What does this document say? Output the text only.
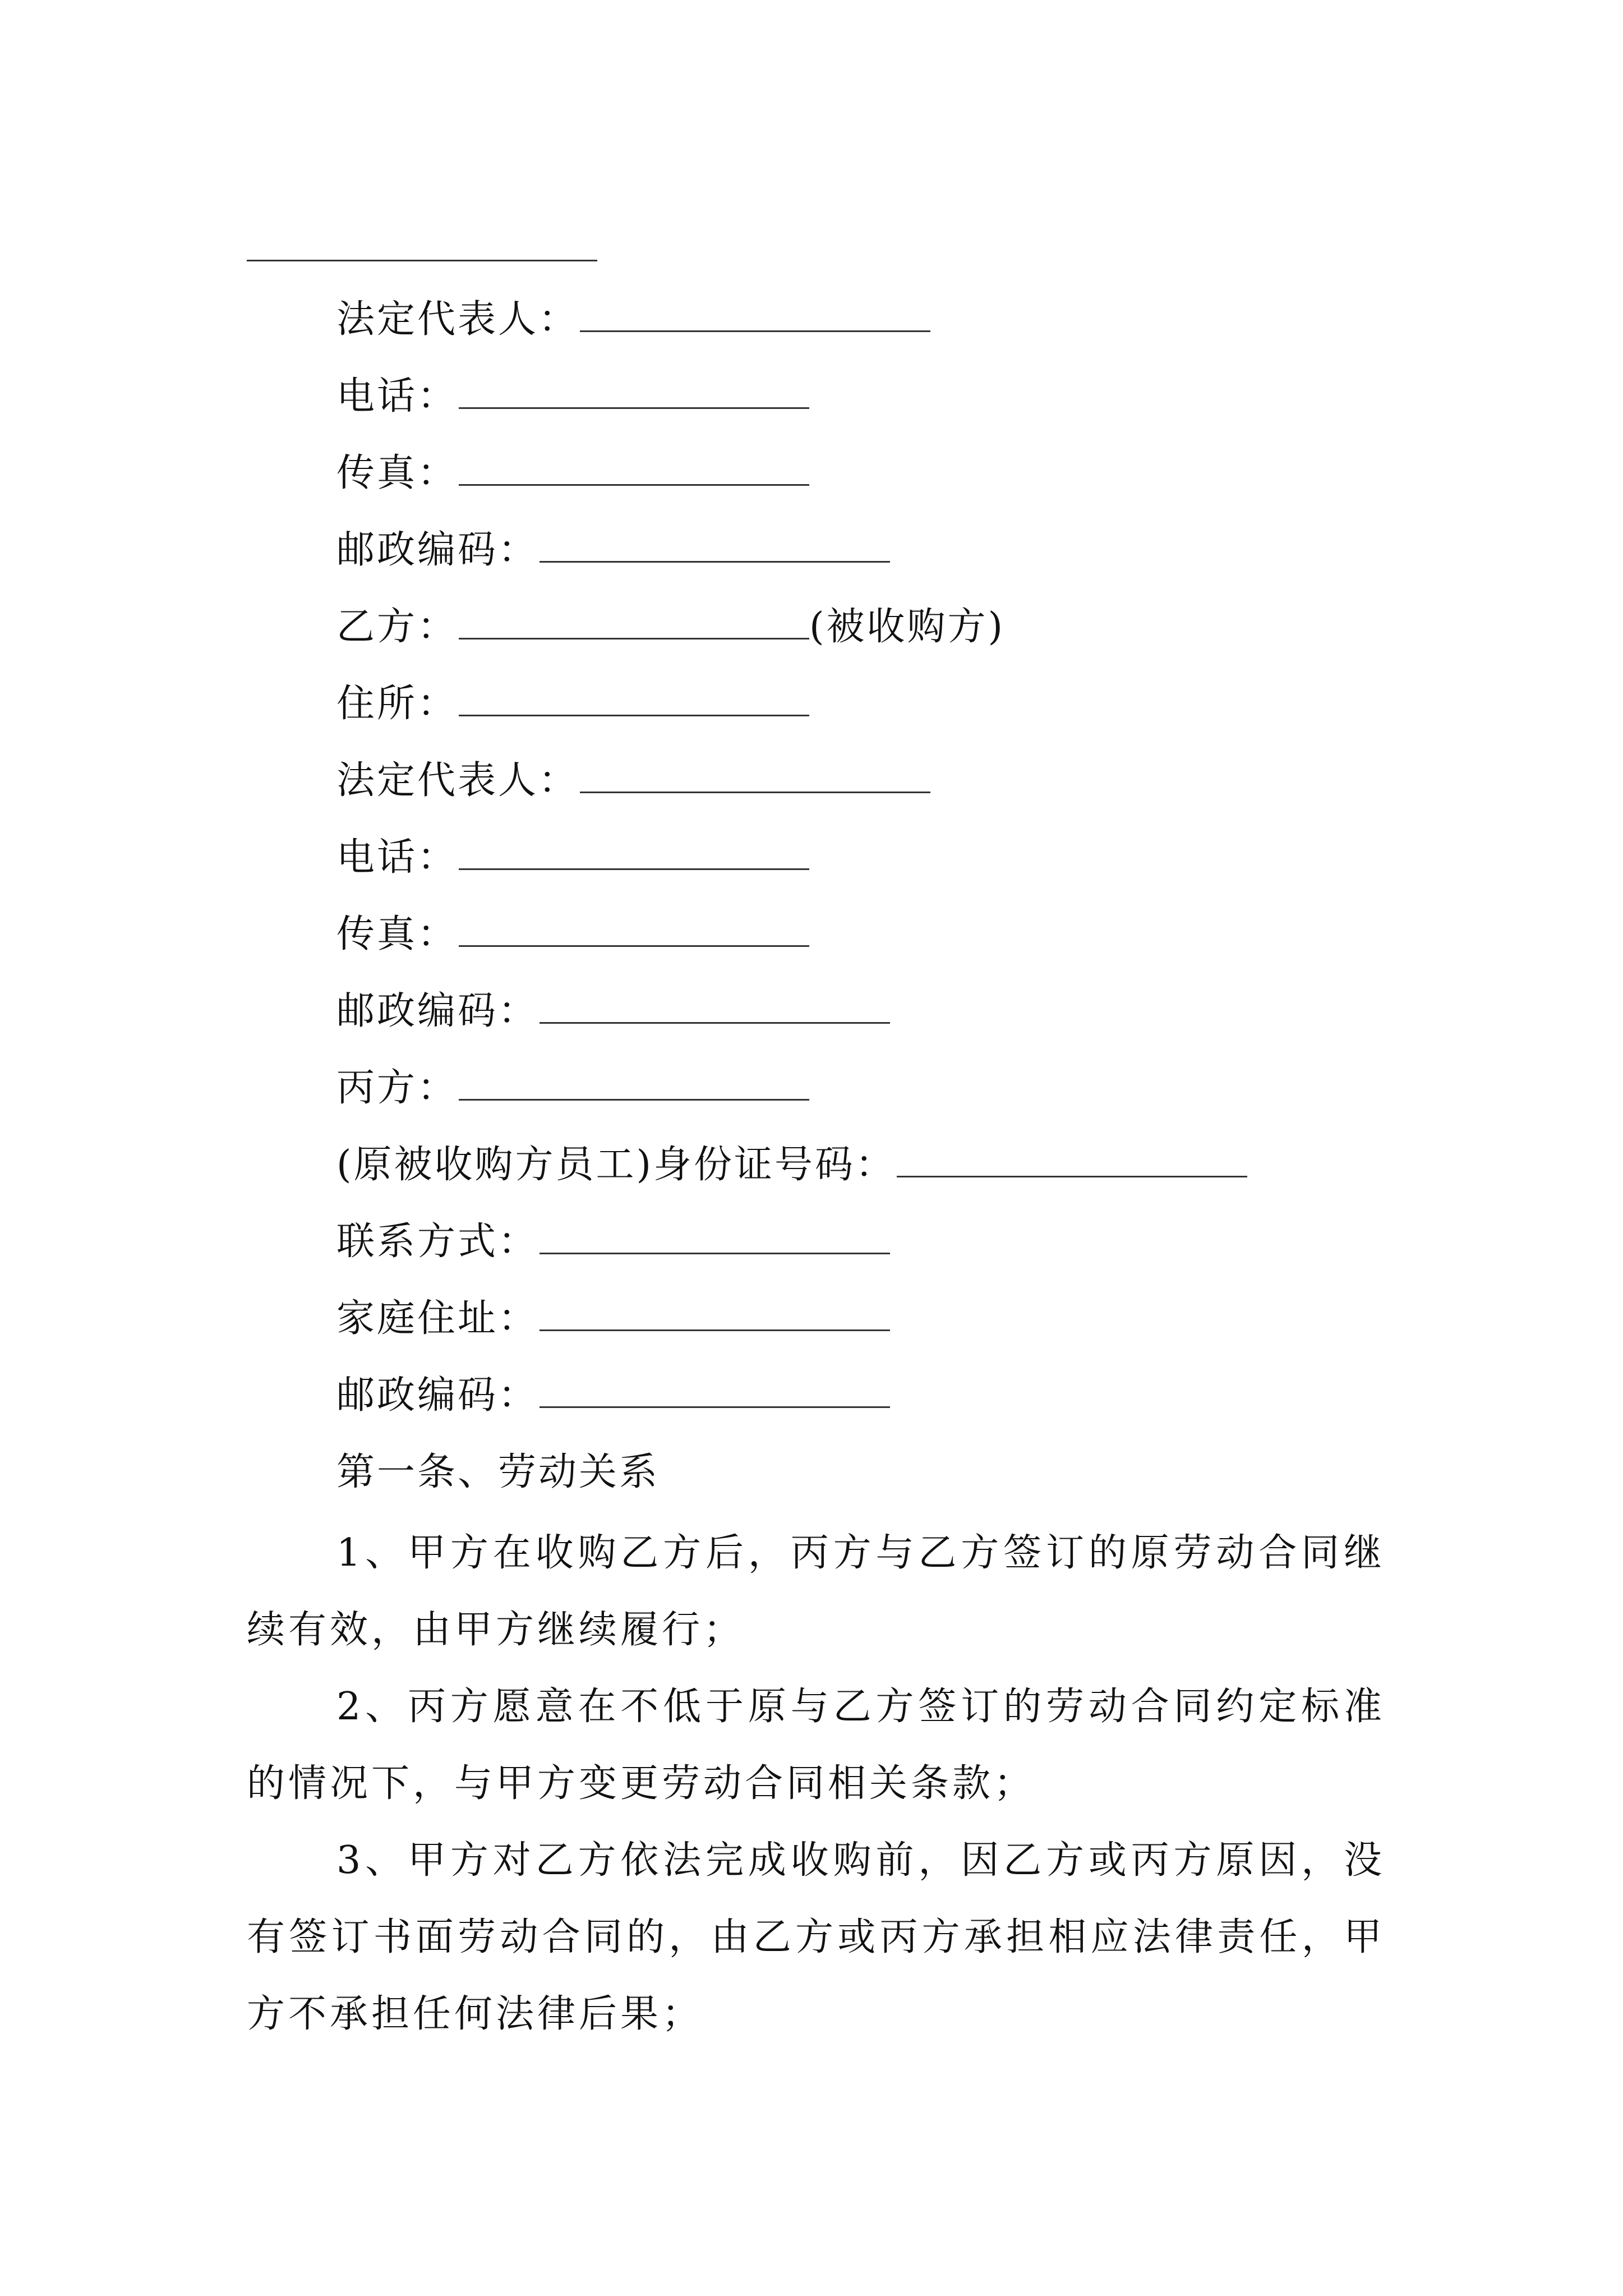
法定代表人：
电话：
传真：
邮政编码：
乙方：	(被收购方)
住所：
法定代表人：
电话：
传真：
邮政编码：
丙方：
(原被收购方员工)身份证号码：
联系方式：
家庭住址：
邮政编码：
第一条、劳动关系
1、甲方在收购乙方后，丙方与乙方签订的原劳动合同继续有效，由甲方继续履行；
2、丙方愿意在不低于原与乙方签订的劳动合同约定标准的情况下，与甲方变更劳动合同相关条款；
3、甲方对乙方依法完成收购前，因乙方或丙方原因，没有签订书面劳动合同的，由乙方或丙方承担相应法律责任，甲方不承担任何法律后果；
